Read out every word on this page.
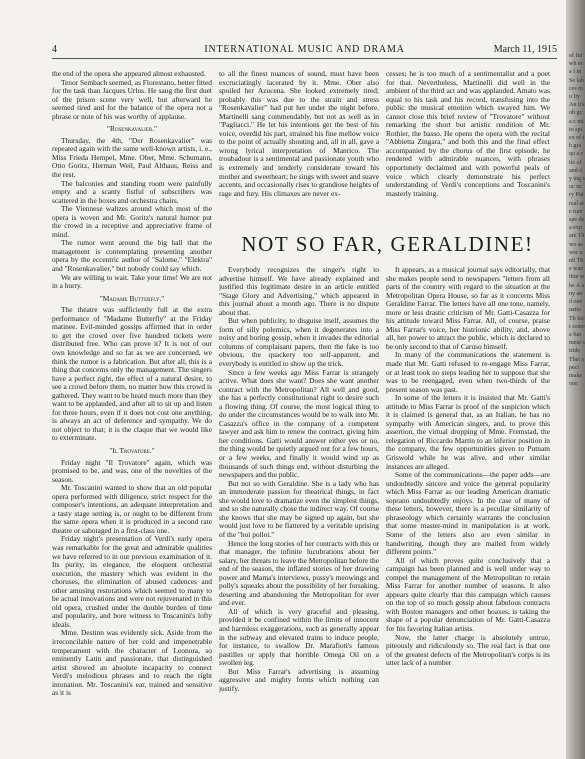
4	INTERNATIONAL MUSIC AND DRAMA	March 11, 1915

the end of the opera she appeared almost exhausted.

Tenor Sembach seemed, as Florestano, better fitted for the task than Jacques Urlus. He sang the first duet of the prison scene very well, but afterward he seemed tired and for the balance of the opera not a phrase or note of his was worthy of applause.

"Rosenkavalier."

Thursday, the 4th, "Der Rosenkavalier" was repeated again with the same well-known artists, i. e., Miss Frieda Hempel, Mme. Ober, Mme. Schumann, Otto Goritz, Herman Weil, Paul Althaus, Reiss and the rest.

The balconies and standing room were painfully empty and a scanty fistful of subscribers was scattered in the boxes and orchestra chairs.

The Viennese waltzes around which most of the opera is woven and Mr. Goritz's natural humor put the crowd in a receptive and appreciative frame of mind.

The rumor went around the big hall that the management is contemplating presenting another opera by the eccentric author of "Salome," "Elektra" and "Rosenkavalier," but nobody could say which.

We are willing to wait. Take your time! We are not in a hurry.

"Madame Butterfly."

The theatre was sufficiently full at the extra performance of "Madame Butterfly" at the Friday matinee. Evil-minded gossips affirmed that in order to get the crowd over five hundred tickets were distributed free. Who can prove it? It is not of our own knowledge and so far as we are concerned, we think the rumor is a fabrication. But after all, this is a thing that concerns only the management. The singers have a perfect right, the effect of a natural desire, to see a crowd before them, no matter how this crowd is gathered. They want to be heard much more than they want to be applauded, and after all to sit up and listen for three hours, even if it does not cost one anything, is always an act of deference and sympathy. We do not object to that; it is the claque that we would like to exterminate.

"Il Trovatore."

Friday night "Il Trovatore" again, which was promised to be, and was, one of the novelties of the season.

Mr. Toscanini wanted to show that an old popular opera performed with diligence, strict respect for the composer's intentions, an adequate interpretation and a tasty stage setting is, or ought to be different from the same opera when it is produced in a second rate theatre or sabotaged in a first-class one.

Friday night's presentation of Verdi's early opera was remarkable for the great and admirable qualities we have referred to in our previous examination of it. Its purity, its elegance, the eloquent orchestral execution, the mastery which was evident in the choruses, the elimination of abused cadences and other amusing restorations which seemed to many to be actual innovations and were not rejuvenated in this old opera, crushed under the double burden of time and popularity, and bore witness to Toscanini's lofty ideals.

Mme. Destinn was evidently sick. Aside from the irreconcilable nature of her cold and impenetrable temperament with the character of Leonora, so eminently Latin and passionate, that distinguished artist showed an absolute incapacity to connect Verdi's melodious phrases and to reach the right intonation. Mr. Toscanini's ear, trained and sensitive as it is

to all the finest nuances of sound, must have been excruciatingly lacerated by it. Mme. Ober also spoiled her Azucena. She looked extremely tired; probably this was due to the strain and stress "Rosenkavalier" had put her under the night before. Martinelli sang commendably, but not as well as in "Pagliacci." He let his intentions get the best of his voice, overdid his part, strained his fine mellow voice to the point of actually shouting and, all in all, gave a wrong lyrical interpretation of Manrico. The troubadour is a sentimental and passionate youth who is extremely and tenderly considerate toward his mother and sweetheart; he sings with sweet and suave accents, and occasionally rises to grandiose heights of rage and fury. His climaxes are never ex-

cesses; he is too much of a sentimentalist and a poet for that. Nevertheless, Martinelli did well in the ambient of the third act and was applauded. Amato was equal to his task and his record, transfusing into the public the musical emotion which swayed him. We cannot close this brief review of "Trovatore" without remarking the short but artistic rendition of Mr. Rothier, the basso. He opens the opera with the recital "Abbietta Zingara," and both this and the final effect accompanied by the chorus of the first episode, he rendered with admirable nuances, with phrases opportunely declaimed and with powerful peals of voice which clearly demonstrate his perfect understanding of Verdi's conceptions and Toscanini's masterly training.

NOT SO FAR, GERALDINE!

Everybody recognizes the singer's right to advertise himself. We have already explained and justified this legitimate desire in an article entitled "Stage Glory and Advertising," which appeared in this journal about a month ago. There is no dispute about that.

But when publicity, to disguise itself, assumes the form of silly polemics, when it degenerates into a noisy and boring gossip, when it invades the editorial columns of complaisant papers, then the fake is too obvious, the quackery too self-apparent, and everybody is entitled to show up the trick.

Since a few weeks ago Miss Farrar is strangely active. What does she want? Does she want another contract with the Metropolitan? All well and good, she has a perfectly constitutional right to desire such a flowing thing. Of course, the most logical thing to do under the circumstances would be to walk into Mr. Casazza's office in the company of a competent lawyer and ask him to renew the contract, giving him her conditions. Gatti would answer either yes or no, the thing would be quietly argued out for a few hours, or a few weeks, and finally it would wind up as thousands of such things end, without disturbing the newspapers and the public.

But not so with Geraldine. She is a lady who has an immoderate passion for theatrical things, in fact she would love to dramatize even the simplest things, and so she naturally chose the indirect way. Of course she knows that she may be signed up again, but she would just love to be flattered by a veritable uprising of the "hoi polloi."

Hence the long stories of her contracts with this or that manager, the infinite lucubrations about her salary, her threats to leave the Metropolitan before the end of the season, the inflated stories of her drawing power and Mama's interviews, pussy's meowings and polly's squeaks about the possibility of her forsaking, deserting and abandoning the Metropolitan for ever and ever.

All of which is very graceful and pleasing, provided it be confined within the limits of innocent and harmless exaggerations, such as generally appear in the subway and elevated trains to induce people, for instance, to swallow Dr. Marafioti's famous pastilles or apply that horrible Omega Oil on a swollen leg.

But Miss Farrar's advertising is assuming aggressive and mighty forms which nothing can justify.

It appears, as a musical journal says editorially, that she makes people send to newspapers "letters from all parts of the country with regard to the situation at the Metropolitan Opera House, so far as it concerns Miss Geraldine Farrar. The letters have all one tone, namely, more or less drastic criticism of Mr. Gatti-Casazza for his attitude toward Miss Farrar. All, of course, praise Miss Farrar's voice, her histrionic ability, and, above all, her power to attract the public, which is declared to be only second to that of Caruso himself.

In many of the communications the statement is made that Mr. Gatti refused to re-engage Miss Farrar, or at least took no steps leading her to suppose that she was to be reengaged, even when two-thirds of the present season was past.

In some of the letters it is insisted that Mr. Gatti's attitude to Miss Farrar is proof of the suspicion which it is claimed is general that, as an Italian, he has no sympathy with American singers, and, to prove this assertion, the virtual dropping of Mme. Fremstad, the relegation of Riccardo Martin to an inferior position in the company, the few opportunities given to Putnam Griswold while he was alive, and other similar instances are alleged.

Some of the communications—the paper adds—are undoubtedly sincere and voice the general popularity which Miss Farrar as our leading American dramatic soprano undoubtedly enjoys. In the case of many of these letters, however, there is a peculiar similarity of phraseology which certainly warrants the conclusion that some master-mind in manipulation is at work. Some of the letters also are even similar in handwriting, though they are mailed from widely different points."

All of which proves quite conclusively that a campaign has been planned and is well under way to compel the management of the Metropolitan to retain Miss Farrar for another number of seasons. It also appears quite clearly that this campaign which causes on the top of so much gossip about fabulous contracts with Boston managers and other hoaxes, is taking the shape of a popular denunciation of Mr. Gatti-Casazza for his favoring Italian artists.

Now, the latter charge is absolutely untrue, piteously and ridiculously so. The real fact is that one of the greatest defects of the Metropolitan's corps is its utter lack of a number

of fut wh era I m Se lab ces mu Ity An it's ob gr: a c mi to spi ex of th gra qu a c tle of and rly ing suc nc ry Pui real are ture spe dea exp are Th wo as wer unli The wan thin whe A any and one natio Th fact some a fun ment stride Thei speci make one
